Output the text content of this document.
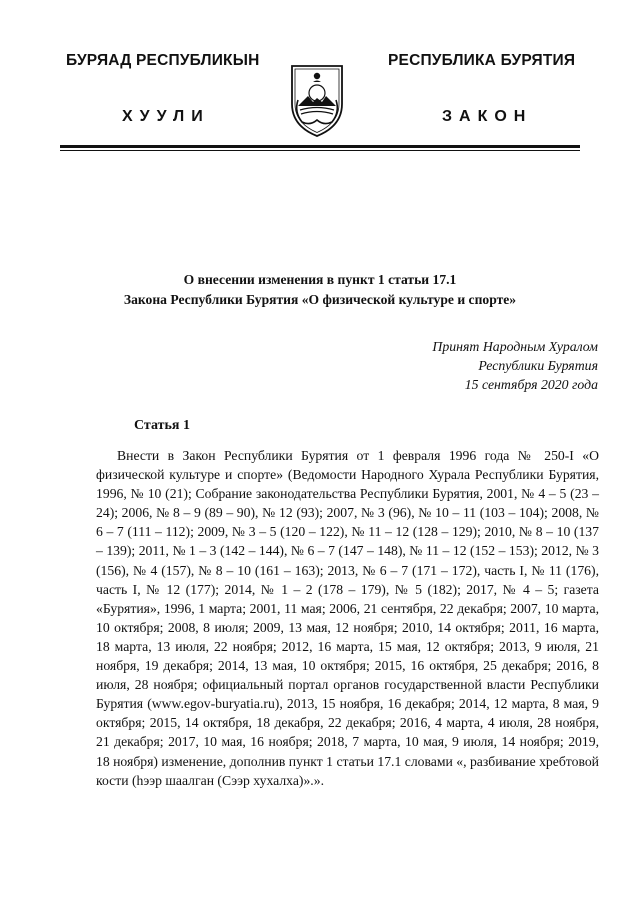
БУРЯАД РЕСПУБЛИКЫН	РЕСПУБЛИКА БУРЯТИЯ
ХУУЛИ	ЗАКОН
О внесении изменения в пункт 1 статьи 17.1
Закона Республики Бурятия «О физической культуре и спорте»
Принят Народным Хуралом
Республики Бурятия
15 сентября 2020 года
Статья 1
Внести в Закон Республики Бурятия от 1 февраля 1996 года № 250-I «О физической культуре и спорте» (Ведомости Народного Хурала Республики Бурятия, 1996, № 10 (21); Собрание законодательства Республики Бурятия, 2001, № 4 – 5 (23 – 24); 2006, № 8 – 9 (89 – 90), № 12 (93); 2007, № 3 (96), № 10 – 11 (103 – 104); 2008, № 6 – 7 (111 – 112); 2009, № 3 – 5 (120 – 122), № 11 – 12 (128 – 129); 2010, № 8 – 10 (137 – 139); 2011, № 1 – 3 (142 – 144), № 6 – 7 (147 – 148), № 11 – 12 (152 – 153); 2012, № 3 (156), № 4 (157), № 8 – 10 (161 – 163); 2013, № 6 – 7 (171 – 172), часть I, № 11 (176), часть I, № 12 (177); 2014, № 1 – 2 (178 – 179), № 5 (182); 2017, № 4 – 5; газета «Бурятия», 1996, 1 марта; 2001, 11 мая; 2006, 21 сентября, 22 декабря; 2007, 10 марта, 10 октября; 2008, 8 июля; 2009, 13 мая, 12 ноября; 2010, 14 октября; 2011, 16 марта, 18 марта, 13 июля, 22 ноября; 2012, 16 марта, 15 мая, 12 октября; 2013, 9 июля, 21 ноября, 19 декабря; 2014, 13 мая, 10 октября; 2015, 16 октября, 25 декабря; 2016, 8 июля, 28 ноября; официальный портал органов государственной власти Республики Бурятия (www.egov-buryatia.ru), 2013, 15 ноября, 16 декабря; 2014, 12 марта, 8 мая, 9 октября; 2015, 14 октября, 18 декабря, 22 декабря; 2016, 4 марта, 4 июля, 28 ноября, 21 декабря; 2017, 10 мая, 16 ноября; 2018, 7 марта, 10 мая, 9 июля, 14 ноября; 2019, 18 ноября) изменение, дополнив пункт 1 статьи 17.1 словами «, разбивание хребтовой кости (һээр шаалган (Сээр хухалха)».».
